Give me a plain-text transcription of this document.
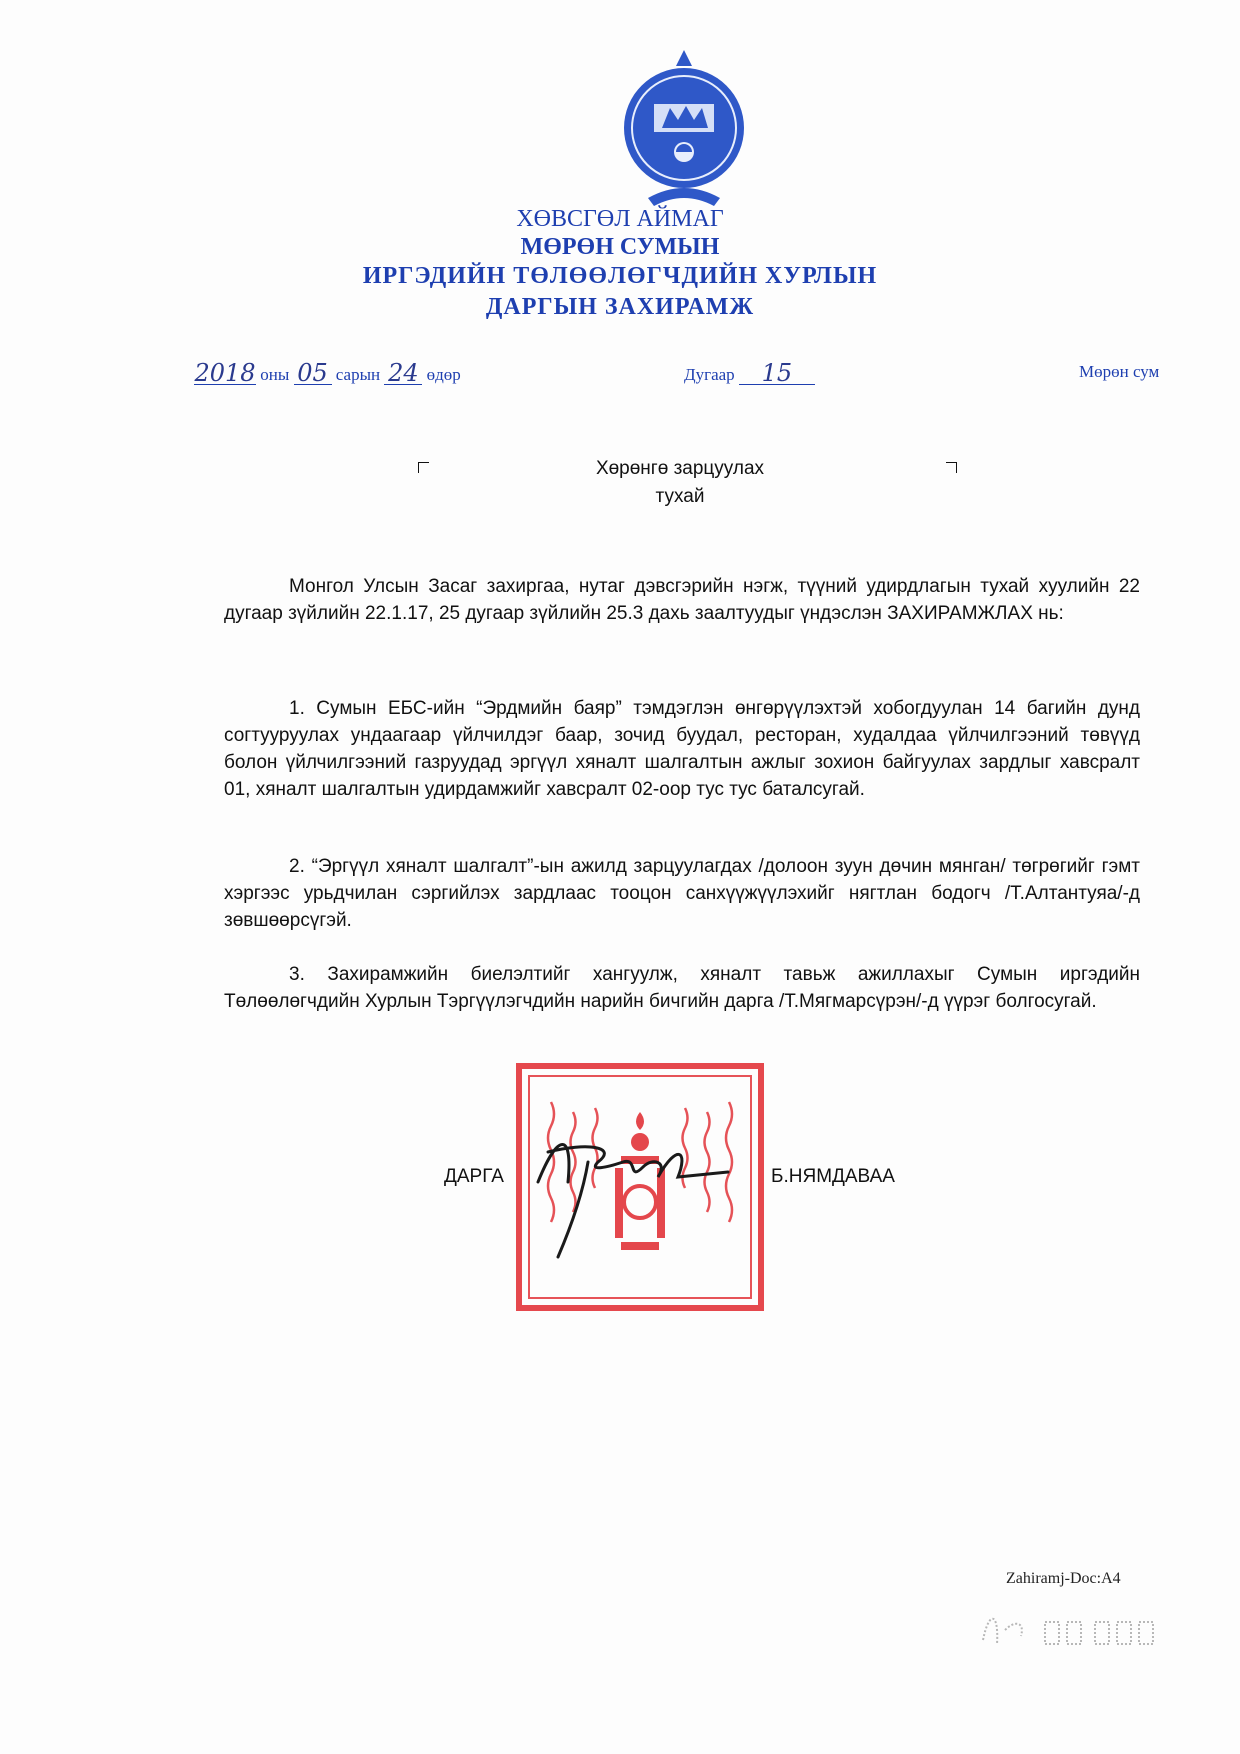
ХӨВСГӨЛ АЙМАГ
МӨРӨН СУМЫН
ИРГЭДИЙН ТӨЛӨӨЛӨГЧДИЙН ХУРЛЫН
ДАРГЫН ЗАХИРАМЖ
2018 оны 05 сарын 24 өдөр	Дугаар 15	Мөрөн сум
Хөрөнгө зарцуулах
тухай

Монгол Улсын Засаг захиргаа, нутаг дэвсгэрийн нэгж, түүний удирдлагын тухай хуулийн 22 дугаар зүйлийн 22.1.17, 25 дугаар зүйлийн 25.3 дахь заалтуудыг үндэслэн ЗАХИРАМЖЛАХ нь:

1. Сумын ЕБС-ийн “Эрдмийн баяр” тэмдэглэн өнгөрүүлэхтэй хобогдуулан 14 багийн дунд согтууруулах ундаагаар үйлчилдэг баар, зочид буудал, ресторан, худалдаа үйлчилгээний төвүүд болон үйлчилгээний газруудад эргүүл хяналт шалгалтын ажлыг зохион байгуулах зардлыг хавсралт 01, хяналт шалгалтын удирдамжийг хавсралт 02-оор тус тус баталсугай.

2. “Эргүүл хяналт шалгалт”-ын ажилд зарцуулагдах /долоон зуун дөчин мянган/ төгрөгийг гэмт хэргээс урьдчилан сэргийлэх зардлаас тооцон санхүүжүүлэхийг нягтлан бодогч /Т.Алтантуяа/-д зөвшөөрсүгэй.

3. Захирамжийн биелэлтийг хангуулж, хяналт тавьж ажиллахыг Сумын иргэдийн Төлөөлөгчдийн Хурлын Тэргүүлэгчдийн нарийн бичгийн дарга /Т.Мягмарсүрэн/-д үүрэг болгосугай.

ДАРГА	Б.НЯМДАВАА
Zahiramj-Doc:A4
